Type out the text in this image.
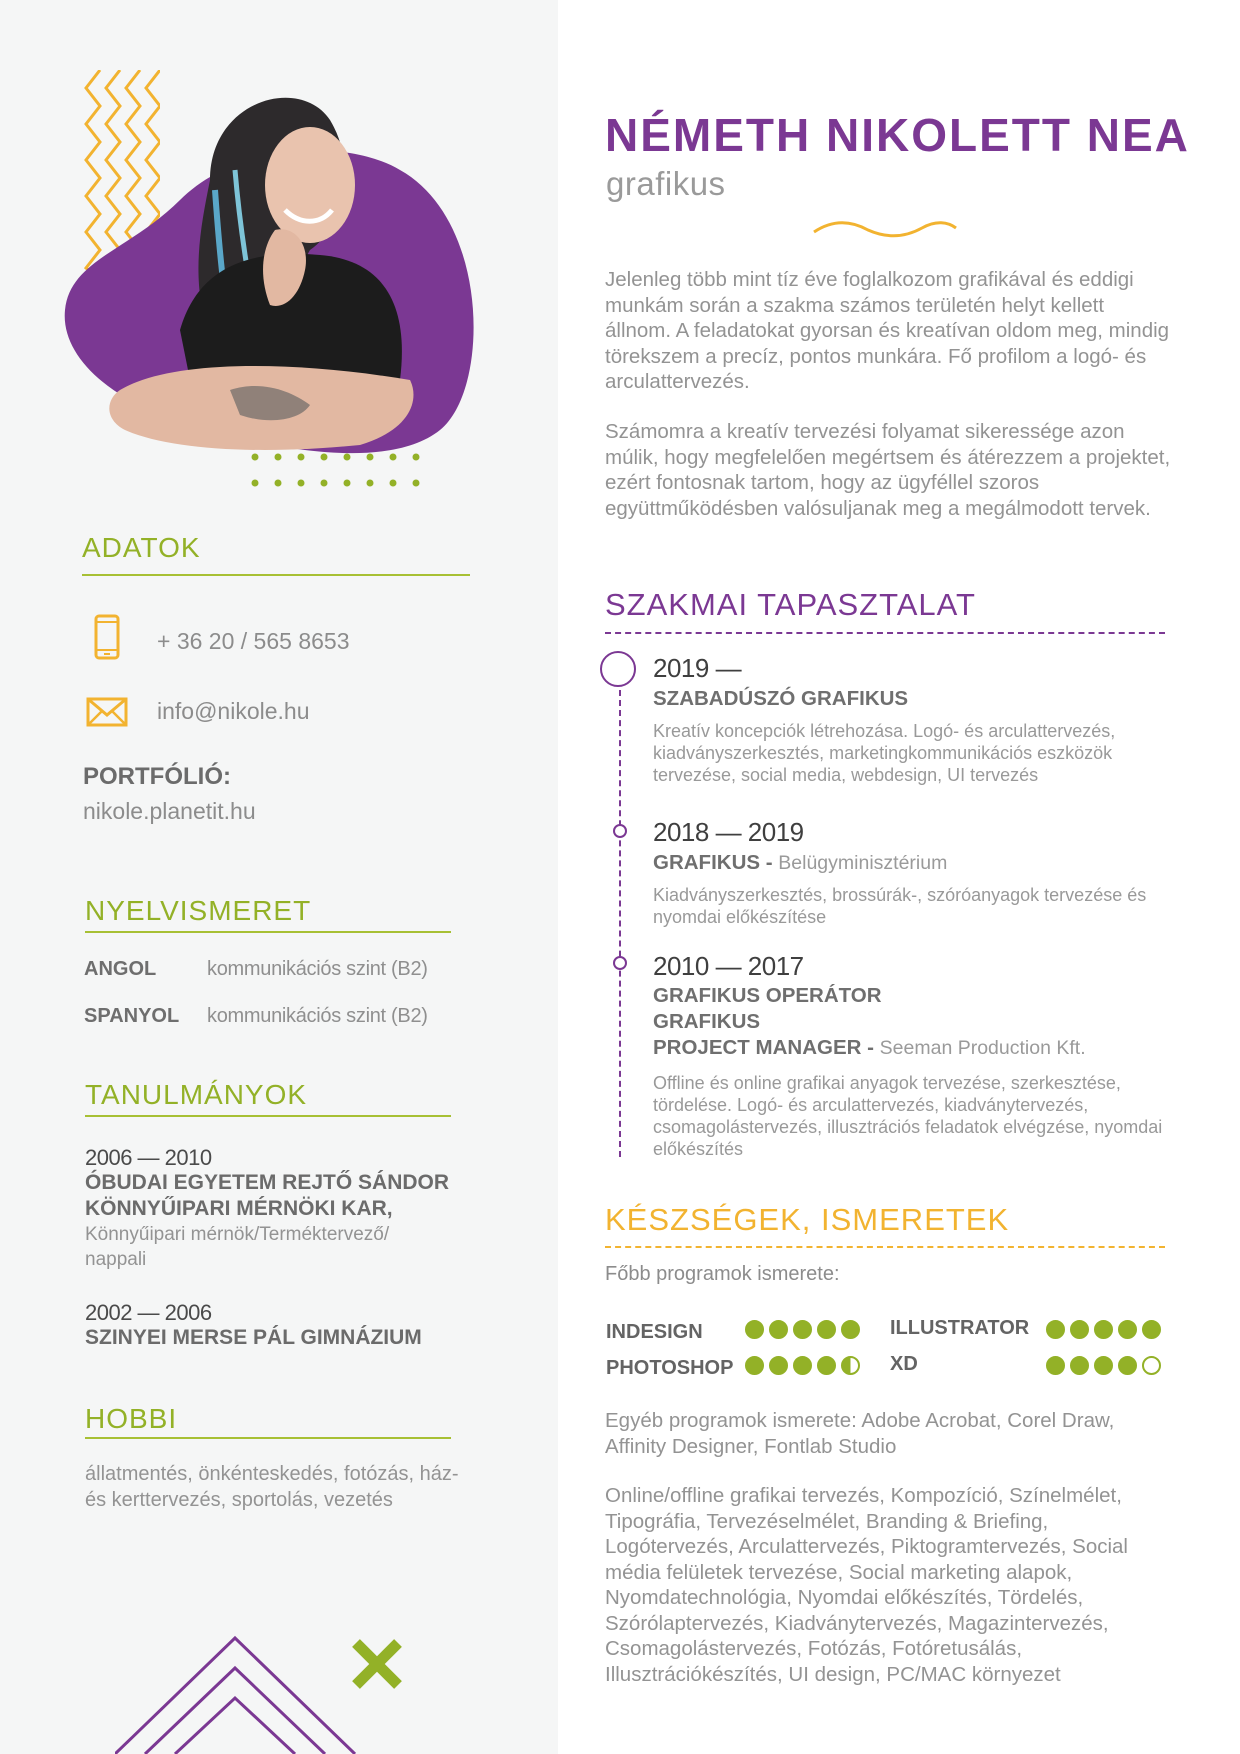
ADATOK
+ 36 20 / 565 8653
info@nikole.hu
PORTFÓLIÓ:
nikole.planetit.hu
NYELVISMERET
ANGOL	kommunikációs szint (B2)
SPANYOL kommunikációs szint (B2)
TANULMÁNYOK
2006 — 2010
ÓBUDAI EGYETEM REJTŐ SÁNDOR
KÖNNYŰIPARI MÉRNÖKI KAR,
Könnyűipari mérnök/Terméktervező/ nappali
2002 — 2006
SZINYEI MERSE PÁL GIMNÁZIUM
HOBBI
állatmentés, önkénteskedés, fotózás, ház- és kerttervezés, sportolás, vezetés
NÉMETH NIKOLETT NEA
grafikus
Jelenleg több mint tíz éve foglalkozom grafikával és eddigi munkám során a szakma számos területén helyt kellett állnom. A feladatokat gyorsan és kreatívan oldom meg, mindig törekszem a precíz, pontos munkára. Fő profilom a logó- és arculattervezés.
Számomra a kreatív tervezési folyamat sikeressége azon múlik, hogy megfelelően megértsem és átérezzem a projektet, ezért fontosnak tartom, hogy az ügyféllel szoros együttműködésben valósuljanak meg a megálmodott tervek.
SZAKMAI TAPASZTALAT
2019 —
SZABADÚSZÓ GRAFIKUS
Kreatív koncepciók létrehozása. Logó- és arculattervezés, kiadványszerkesztés, marketingkommunikációs eszközök tervezése, social media, webdesign, UI tervezés
2018 — 2019
GRAFIKUS - Belügyminisztérium
Kiadványszerkesztés, brossúrák-, szóróanyagok tervezése és nyomdai előkészítése
2010 — 2017
GRAFIKUS OPERÁTOR
GRAFIKUS
PROJECT MANAGER - Seeman Production Kft.
Offline és online grafikai anyagok tervezése, szerkesztése, tördelése. Logó- és arculattervezés, kiadványtervezés, csomagolástervezés, illusztrációs feladatok elvégzése, nyomdai előkészítés
KÉSZSÉGEK, ISMERETEK
Főbb programok ismerete:
INDESIGN	ILLUSTRATOR
PHOTOSHOP	XD
Egyéb programok ismerete: Adobe Acrobat, Corel Draw, Affinity Designer, Fontlab Studio
Online/offline grafikai tervezés, Kompozíció, Színelmélet, Tipográfia, Tervezéselmélet, Branding & Briefing, Logótervezés, Arculattervezés, Piktogramtervezés, Social média felületek tervezése, Social marketing alapok, Nyomdatechnológia, Nyomdai előkészítés, Tördelés, Szórólaptervezés, Kiadványtervezés, Magazintervezés, Csomagolástervezés, Fotózás, Fotóretusálás, Illusztrációkészítés, UI design, PC/MAC környezet
